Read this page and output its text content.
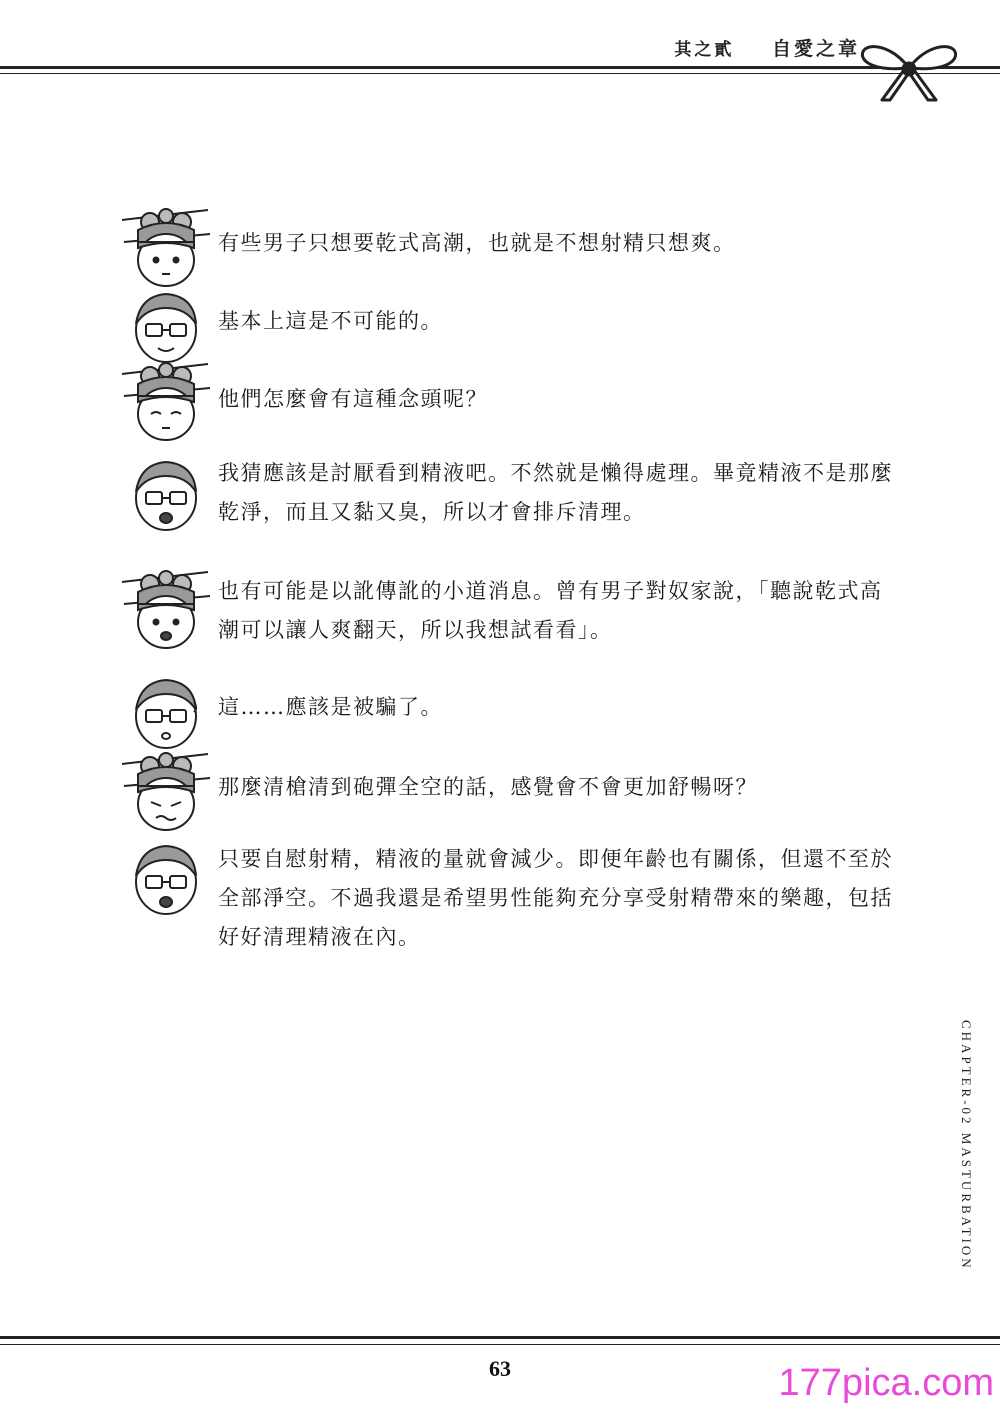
其之貳 自愛之章

有些男子只想要乾式高潮，也就是不想射精只想爽。

基本上這是不可能的。

他們怎麼會有這種念頭呢？

我猜應該是討厭看到精液吧。不然就是懶得處理。畢竟精液不是那麼
乾淨，而且又黏又臭，所以才會排斥清理。

也有可能是以訛傳訛的小道消息。曾有男子對奴家說，「聽說乾式高
潮可以讓人爽翻天，所以我想試看看」。

這……應該是被騙了。

那麼清槍清到砲彈全空的話，感覺會不會更加舒暢呀？

只要自慰射精，精液的量就會減少。即便年齡也有關係，但還不至於
全部淨空。不過我還是希望男性能夠充分享受射精帶來的樂趣，包括
好好清理精液在內。

CHAPTER-02 MASTURBATION
63	177pica.com
